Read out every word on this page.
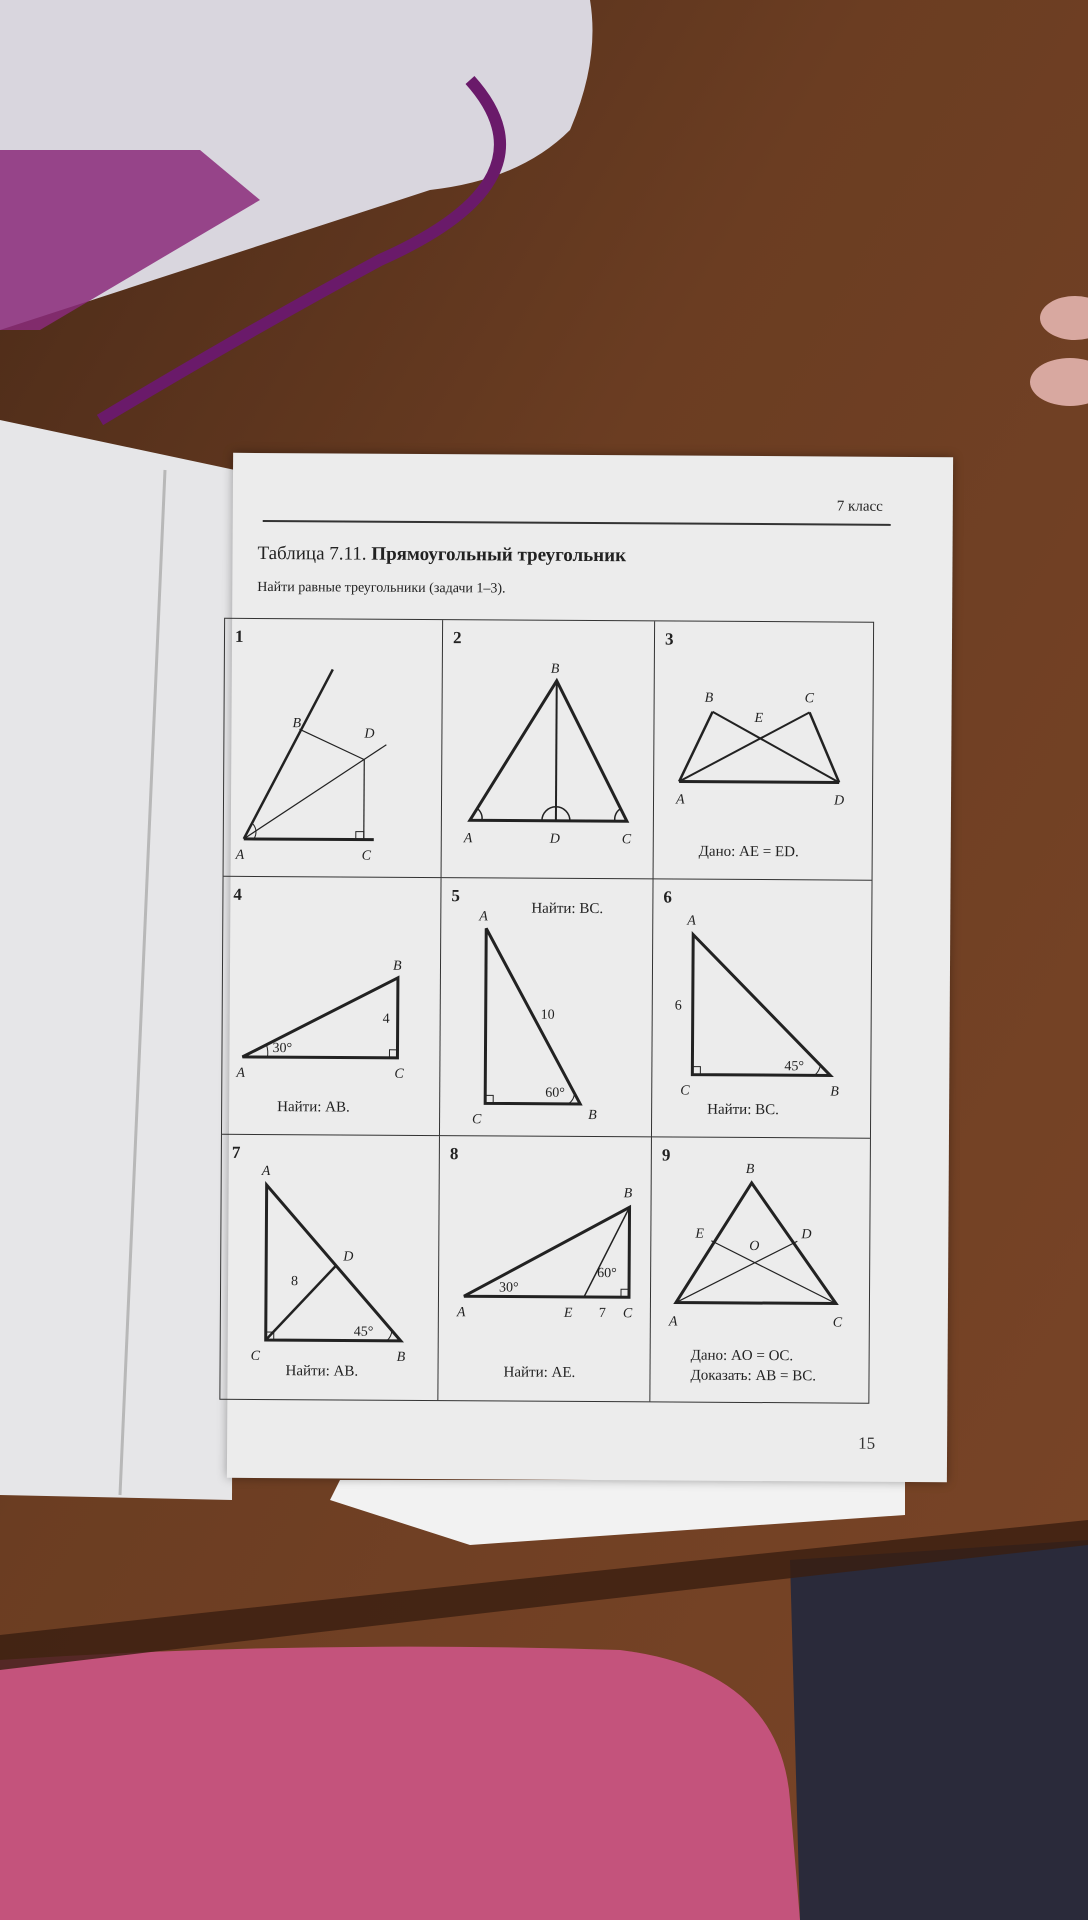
7 класс
Таблица 7.11. Прямоугольный треугольник
Найти равные треугольники (задачи 1–3).
1
A
B
C
D
2
A
B
C
D
3
A
B	C
D
E
Дано: AE = ED.
4
A
B
C
30°
4
Найти: AB.
5
Найти: BC.
A
B
C
10
60°
6
A
B
C
6
45°
Найти: BC.
7
A
B
C
D
8
45°
Найти: AB.
8
A
B
C
E
30°
60°
7
Найти: AE.
9
A
B
C
D
E
O
Дано: AO = OC.
Доказать: AB = BC.
15
